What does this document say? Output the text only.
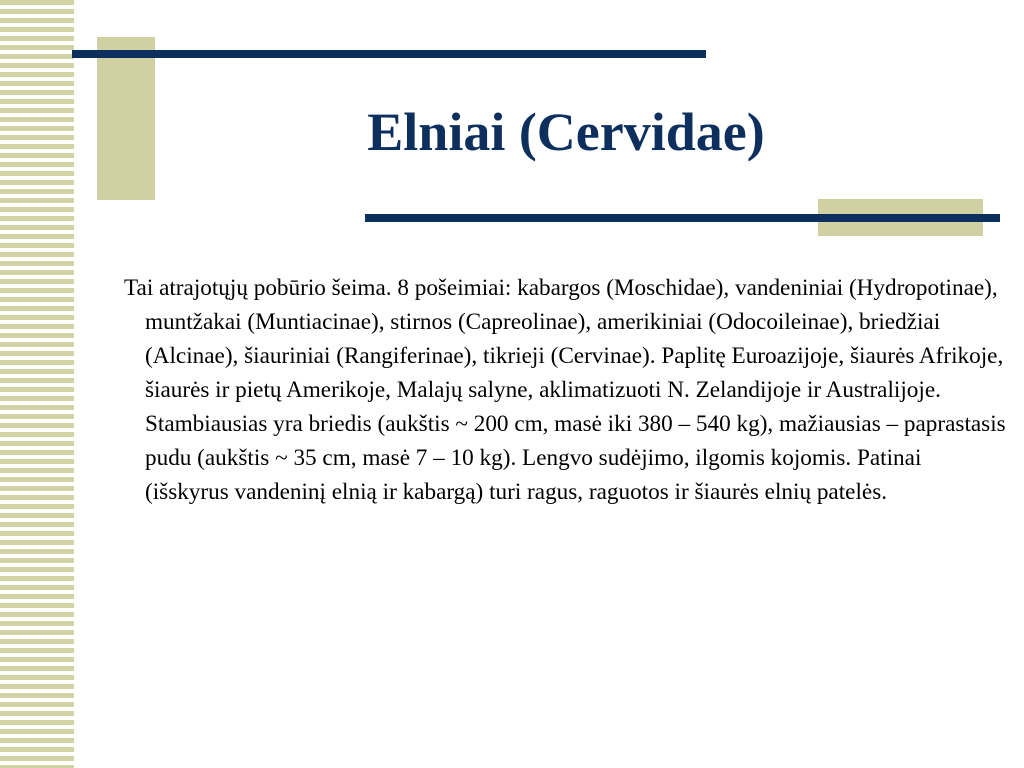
Elniai (Cervidae)

Tai atrajotųjų pobūrio šeima. 8 pošeimiai: kabargos (Moschidae), vandeniniai (Hydropotinae), muntžakai (Muntiacinae), stirnos (Capreolinae), amerikiniai (Odocoileinae), briedžiai (Alcinae), šiauriniai (Rangiferinae), tikrieji (Cervinae). Paplitę Euroazijoje, šiaurės Afrikoje, šiaurės ir pietų Amerikoje, Malajų salyne, aklimatizuoti N. Zelandijoje ir Australijoje. Stambiausias yra briedis (aukštis ~ 200 cm, masė iki 380 – 540 kg), mažiausias – paprastasis pudu (aukštis ~ 35 cm, masė 7 – 10 kg). Lengvo sudėjimo, ilgomis kojomis. Patinai (išskyrus vandeninį elnią ir kabargą) turi ragus, raguotos ir šiaurės elnių patelės.
